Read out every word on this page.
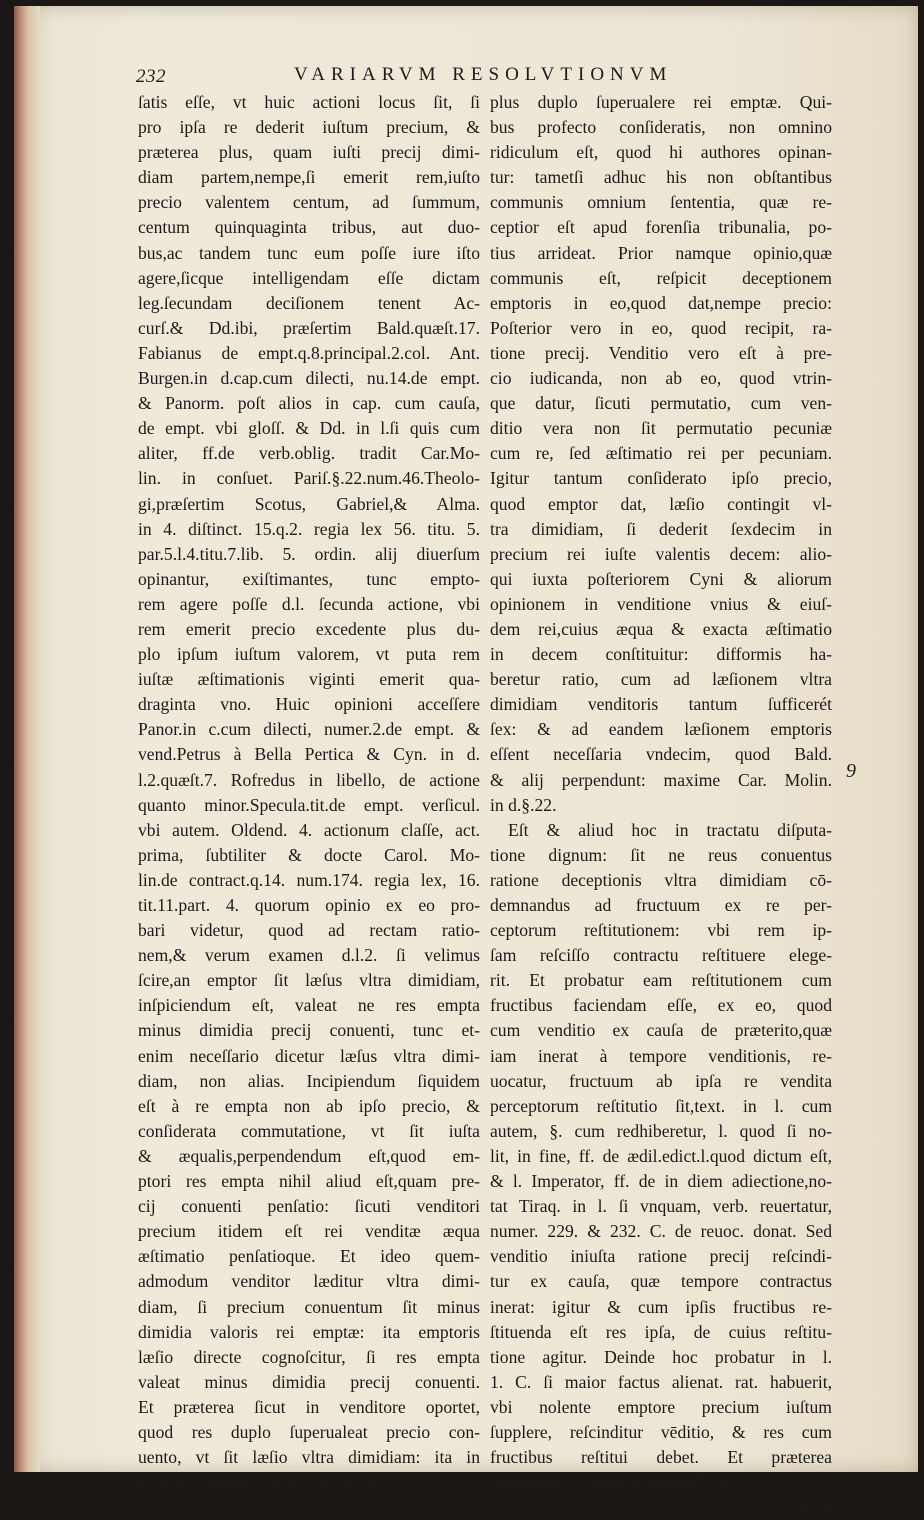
232	VARIARVM RESOLVTIONVM
ſatis eſſe, vt huic actioni locus ſit, ſi
pro ipſa re dederit iuſtum precium, &
præterea plus, quam iuſti precij dimi-
diam partem,nempe,ſi emerit rem,iuſto
precio valentem centum, ad ſummum,
centum quinquaginta tribus, aut duo-
bus,ac tandem tunc eum poſſe iure iſto
agere,ſicque intelligendam eſſe dictam
leg.ſecundam deciſionem tenent Ac-
curſ.& Dd.ibi, præſertim Bald.quæſt.17.
Fabianus de empt.q.8.principal.2.col. Ant.
Burgen.in d.cap.cum dilecti, nu.14.de empt.
& Panorm. poſt alios in cap. cum cauſa,
de empt. vbi gloſſ. & Dd. in l.ſi quis cum
aliter, ff.de verb.oblig. tradit Car.Mo-
lin. in conſuet. Pariſ.§.22.num.46.Theolo-
gi,præſertim Scotus, Gabriel,& Alma.
in 4. diſtinct. 15.q.2. regia lex 56. titu. 5.
par.5.l.4.titu.7.lib. 5. ordin. alij diuerſum
opinantur, exiſtimantes, tunc empto-
rem agere poſſe d.l. ſecunda actione, vbi
rem emerit precio excedente plus du-
plo ipſum iuſtum valorem, vt puta rem
iuſtæ æſtimationis viginti emerit qua-
draginta vno. Huic opinioni acceſſere
Panor.in c.cum dilecti, numer.2.de empt. &
vend.Petrus à Bella Pertica & Cyn. in d.
l.2.quæſt.7. Rofredus in libello, de actione
quanto minor.Specula.tit.de empt. verſicul.
vbi autem. Oldend. 4. actionum claſſe, act.
prima, ſubtiliter & docte Carol. Mo-
lin.de contract.q.14. num.174. regia lex, 16.
tit.11.part. 4. quorum opinio ex eo pro-
bari videtur, quod ad rectam ratio-
nem,& verum examen d.l.2. ſi velimus
ſcire,an emptor ſit læſus vltra dimidiam,
inſpiciendum eſt, valeat ne res empta
minus dimidia precij conuenti, tunc et-
enim neceſſario dicetur læſus vltra dimi-
diam, non alias. Incipiendum ſiquidem
eſt à re empta non ab ipſo precio, &
conſiderata commutatione, vt ſit iuſta
& æqualis,perpendendum eſt,quod em-
ptori res empta nihil aliud eſt,quam pre-
cij conuenti penſatio: ſicuti venditori
precium itidem eſt rei venditæ æqua
æſtimatio penſatioque. Et ideo quem-
admodum venditor læditur vltra dimi-
diam, ſi precium conuentum ſit minus
dimidia valoris rei emptæ: ita emptoris
læſio directe cognoſcitur, ſi res empta
valeat minus dimidia precij conuenti.
Et præterea ſicut in venditore oportet,
quod res duplo ſuperualeat precio con-
uento, vt ſit læſio vltra dimidiam: ita in
emptore oportet precium conuentum
plus duplo ſuperualere rei emptæ. Qui-
bus profecto conſideratis, non omnino
ridiculum eſt, quod hi authores opinan-
tur: tametſi adhuc his non obſtantibus
communis omnium ſententia, quæ re-
ceptior eſt apud forenſia tribunalia, po-
tius arrideat. Prior namque opinio,quæ
communis eſt, reſpicit deceptionem
emptoris in eo,quod dat,nempe precio:
Poſterior vero in eo, quod recipit, ra-
tione precij. Venditio vero eſt à pre-
cio iudicanda, non ab eo, quod vtrin-
que datur, ſicuti permutatio, cum ven-
ditio vera non ſit permutatio pecuniæ
cum re, ſed æſtimatio rei per pecuniam.
Igitur tantum conſiderato ipſo precio,
quod emptor dat, læſio contingit vl-
tra dimidiam, ſi dederit ſexdecim in
precium rei iuſte valentis decem: alio-
qui iuxta poſteriorem Cyni & aliorum
opinionem in venditione vnius & eiuſ-
dem rei,cuius æqua & exacta æſtimatio
in decem conſtituitur: difformis ha-
beretur ratio, cum ad læſionem vltra
dimidiam venditoris tantum ſufficerét
ſex: & ad eandem læſionem emptoris
eſſent neceſſaria vndecim, quod Bald.
& alij perpendunt: maxime Car. Molin.
in d.§.22.
Eſt & aliud hoc in tractatu diſputa-
tione dignum: ſit ne reus conuentus
ratione deceptionis vltra dimidiam cō-
demnandus ad fructuum ex re per-
ceptorum reſtitutionem: vbi rem ip-
ſam reſciſſo contractu reſtituere elege-
rit. Et probatur eam reſtitutionem cum
fructibus faciendam eſſe, ex eo, quod
cum venditio ex cauſa de præterito,quæ
iam inerat à tempore venditionis, re-
uocatur, fructuum ab ipſa re vendita
perceptorum reſtitutio ſit,text. in l. cum
autem, §. cum redhiberetur, l. quod ſi no-
lit, in fine, ff. de ædil.edict.l.quod dictum eſt,
& l. Imperator, ff. de in diem adiectione,no-
tat Tiraq. in l. ſi vnquam, verb. reuertatur,
numer. 229. & 232. C. de reuoc. donat. Sed
venditio iniuſta ratione precij reſcindi-
tur ex cauſa, quæ tempore contractus
inerat: igitur & cum ipſis fructibus re-
ſtituenda eſt res ipſa, de cuius reſtitu-
tione agitur. Deinde hoc probatur in l.
1. C. ſi maior factus alienat. rat. habuerit,
vbi nolente emptore precium iuſtum
ſupplere, reſcinditur vēditio, & res cum
fructibus reſtitui debet. Et præterea
quoties etiam actione perſonali reſti-
tutio
9
